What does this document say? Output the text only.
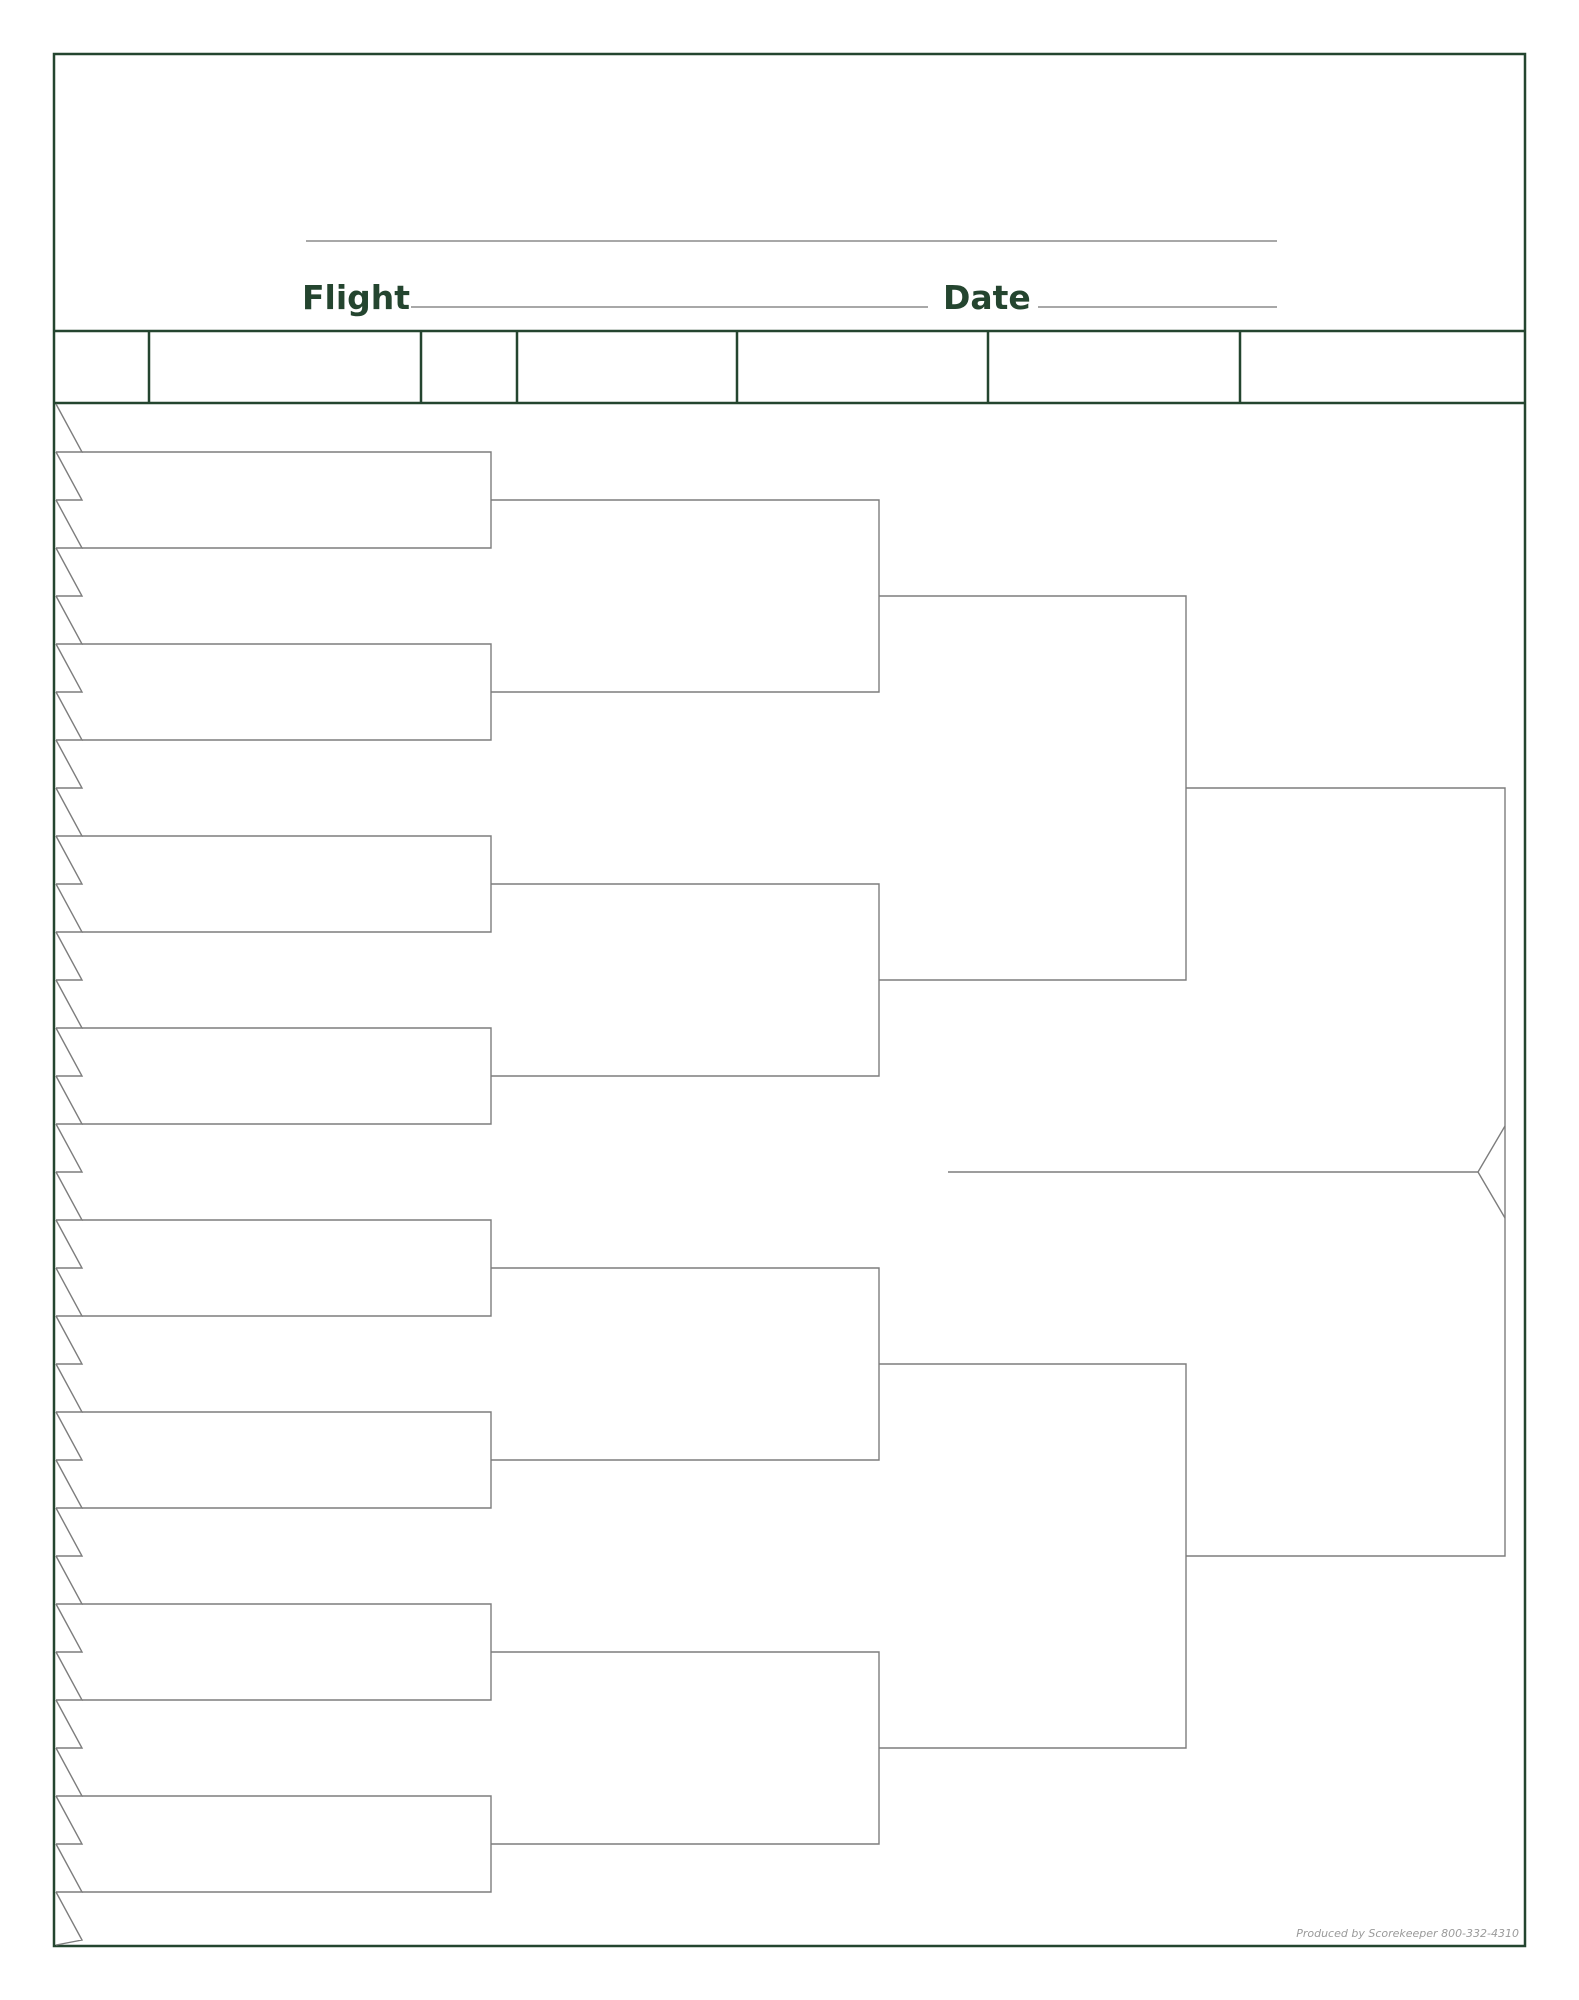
Flight	Date
Produced by Scorekeeper 800-332-4310
